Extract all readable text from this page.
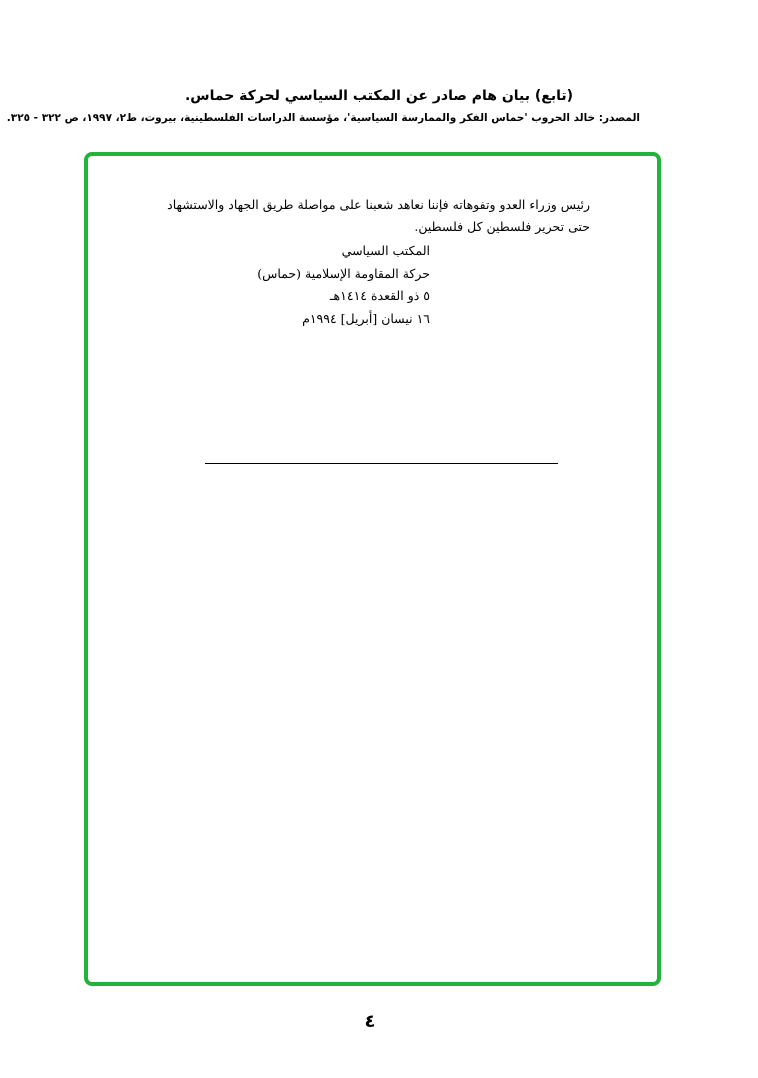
(تابع) بيان هام صادر عن المكتب السياسي لحركة حماس.
المصدر: خالد الحروب 'حماس الفكر والممارسة السياسية'، مؤسسة الدراسات الفلسطينية، بيروت، ط٢، ١٩٩٧، ص ٣٢٢ - ٣٢٥.

رئيس وزراء العدو وتفوهاته فإننا نعاهد شعبنا على مواصلة طريق الجهاد والاستشهاد

حتى تحرير فلسطين كل فلسطين.

المكتب السياسي
حركة المقاومة الإسلامية (حماس)
٥ ذو القعدة ١٤١٤هـ
١٦ نيسان [أبريل] ١٩٩٤م
٤
